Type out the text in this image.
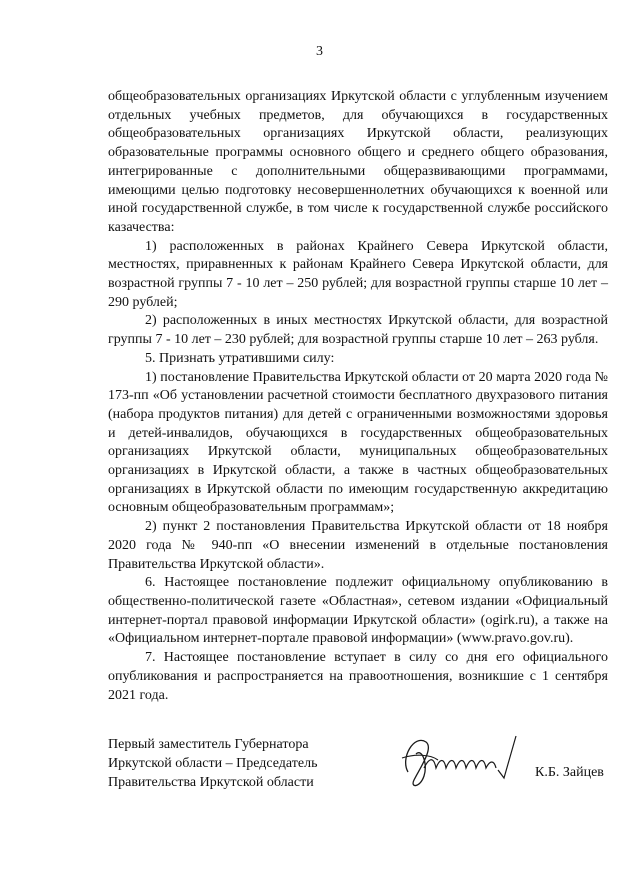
3

общеобразовательных организациях Иркутской области с углубленным изучением отдельных учебных предметов, для обучающихся в государственных общеобразовательных организациях Иркутской области, реализующих образовательные программы основного общего и среднего общего образования, интегрированные с дополнительными общеразвивающими программами, имеющими целью подготовку несовершеннолетних обучающихся к военной или иной государственной службе, в том числе к государственной службе российского казачества:

1) расположенных в районах Крайнего Севера Иркутской области, местностях, приравненных к районам Крайнего Севера Иркутской области, для возрастной группы 7 - 10 лет – 250 рублей; для возрастной группы старше 10 лет – 290 рублей;

2) расположенных в иных местностях Иркутской области, для возрастной группы 7 - 10 лет – 230 рублей; для возрастной группы старше 10 лет – 263 рубля.

5. Признать утратившими силу:

1) постановление Правительства Иркутской области от 20 марта 2020 года № 173-пп «Об установлении расчетной стоимости бесплатного двухразового питания (набора продуктов питания) для детей с ограниченными возможностями здоровья и детей-инвалидов, обучающихся в государственных общеобразовательных организациях Иркутской области, муниципальных общеобразовательных организациях в Иркутской области, а также в частных общеобразовательных организациях в Иркутской области по имеющим государственную аккредитацию основным общеобразовательным программам»;

2) пункт 2 постановления Правительства Иркутской области от 18 ноября 2020 года № 940-пп «О внесении изменений в отдельные постановления Правительства Иркутской области».

6. Настоящее постановление подлежит официальному опубликованию в общественно-политической газете «Областная», сетевом издании «Официальный интернет-портал правовой информации Иркутской области» (ogirk.ru), а также на «Официальном интернет-портале правовой информации» (www.pravo.gov.ru).

7. Настоящее постановление вступает в силу со дня его официального опубликования и распространяется на правоотношения, возникшие с 1 сентября 2021 года.

Первый заместитель Губернатора
Иркутской области – Председатель
Правительства Иркутской области
К.Б. Зайцев
